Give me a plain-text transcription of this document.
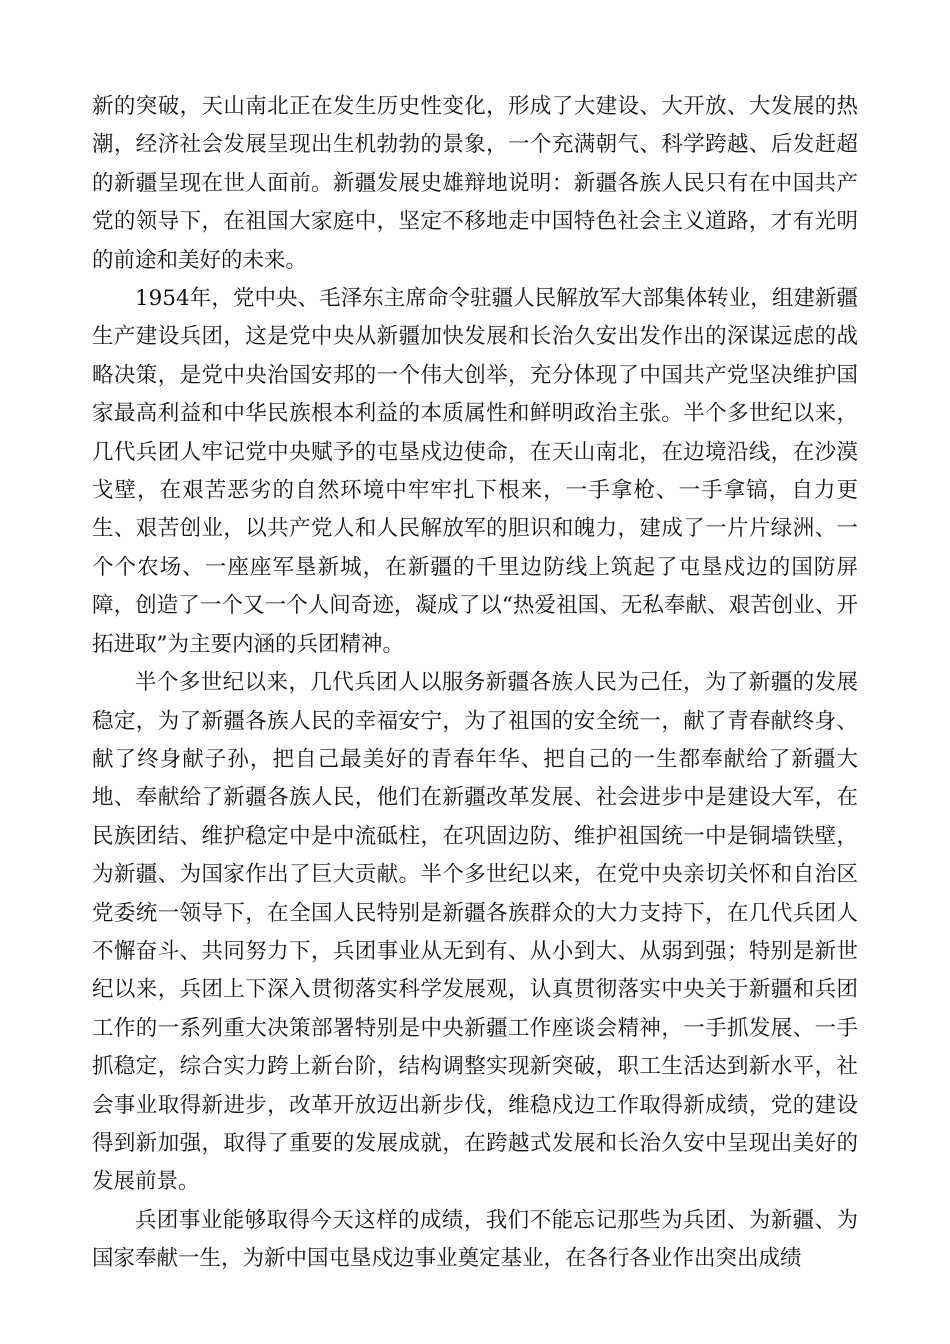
新的突破，天山南北正在发生历史性变化，形成了大建设、大开放、大发展的热潮，经济社会发展呈现出生机勃勃的景象，一个充满朝气、科学跨越、后发赶超的新疆呈现在世人面前。新疆发展史雄辩地说明：新疆各族人民只有在中国共产党的领导下，在祖国大家庭中，坚定不移地走中国特色社会主义道路，才有光明的前途和美好的未来。

1954年，党中央、毛泽东主席命令驻疆人民解放军大部集体转业，组建新疆生产建设兵团，这是党中央从新疆加快发展和长治久安出发作出的深谋远虑的战略决策，是党中央治国安邦的一个伟大创举，充分体现了中国共产党坚决维护国家最高利益和中华民族根本利益的本质属性和鲜明政治主张。半个多世纪以来，几代兵团人牢记党中央赋予的屯垦戍边使命，在天山南北，在边境沿线，在沙漠戈壁，在艰苦恶劣的自然环境中牢牢扎下根来，一手拿枪、一手拿镐，自力更生、艰苦创业，以共产党人和人民解放军的胆识和魄力，建成了一片片绿洲、一个个农场、一座座军垦新城，在新疆的千里边防线上筑起了屯垦戍边的国防屏障，创造了一个又一个人间奇迹，凝成了以“热爱祖国、无私奉献、艰苦创业、开拓进取”为主要内涵的兵团精神。

半个多世纪以来，几代兵团人以服务新疆各族人民为己任，为了新疆的发展稳定，为了新疆各族人民的幸福安宁，为了祖国的安全统一，献了青春献终身、献了终身献子孙，把自己最美好的青春年华、把自己的一生都奉献给了新疆大地、奉献给了新疆各族人民，他们在新疆改革发展、社会进步中是建设大军，在民族团结、维护稳定中是中流砥柱，在巩固边防、维护祖国统一中是铜墙铁壁，为新疆、为国家作出了巨大贡献。半个多世纪以来，在党中央亲切关怀和自治区党委统一领导下，在全国人民特别是新疆各族群众的大力支持下，在几代兵团人不懈奋斗、共同努力下，兵团事业从无到有、从小到大、从弱到强；特别是新世纪以来，兵团上下深入贯彻落实科学发展观，认真贯彻落实中央关于新疆和兵团工作的一系列重大决策部署特别是中央新疆工作座谈会精神，一手抓发展、一手抓稳定，综合实力跨上新台阶，结构调整实现新突破，职工生活达到新水平，社会事业取得新进步，改革开放迈出新步伐，维稳戍边工作取得新成绩，党的建设得到新加强，取得了重要的发展成就，在跨越式发展和长治久安中呈现出美好的发展前景。

兵团事业能够取得今天这样的成绩，我们不能忘记那些为兵团、为新疆、为国家奉献一生，为新中国屯垦戍边事业奠定基业，在各行各业作出突出成绩
